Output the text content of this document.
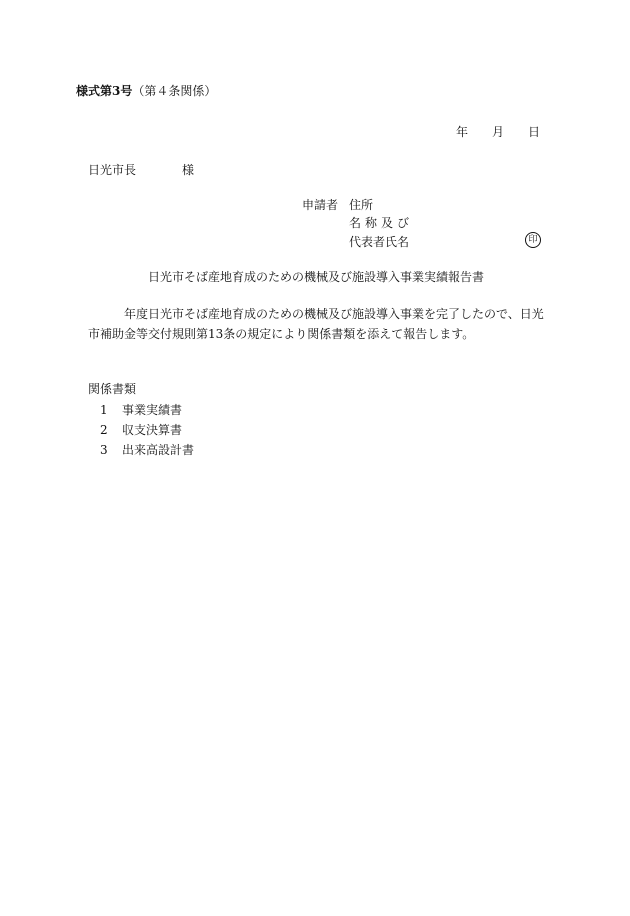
様式第3号（第４条関係）
年 月 日
日光市長	様
申請者 住所
名称及び
代表者氏名	印
日光市そば産地育成のための機械及び施設導入事業実績報告書
年度日光市そば産地育成のための機械及び施設導入事業を完了したので、日光市補助金等交付規則第13条の規定により関係書類を添えて報告します。
関係書類
1 事業実績書
2 収支決算書
3 出来高設計書
